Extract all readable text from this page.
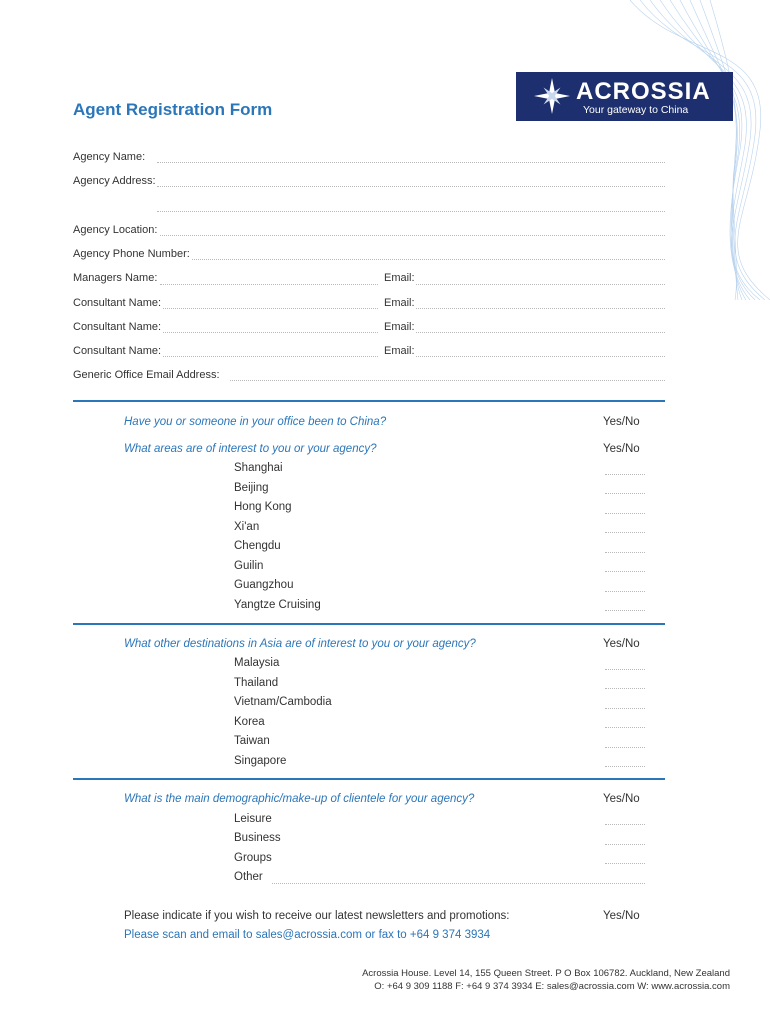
Agent Registration Form
ACROSSIA
Your gateway to China
Agency Name:
Agency Address:
Agency Location:
Agency Phone Number:
Managers Name:	Email:
Consultant Name:	Email:
Consultant Name:	Email:
Consultant Name:	Email:
Generic Office Email Address:
Have you or someone in your office been to China?	Yes/No
What areas are of interest to you or your agency?	Yes/No
Shanghai
Beijing
Hong Kong
Xi'an
Chengdu
Guilin
Guangzhou
Yangtze Cruising
What other destinations in Asia are of interest to you or your agency?	Yes/No
Malaysia
Thailand
Vietnam/Cambodia
Korea
Taiwan
Singapore
What is the main demographic/make-up of clientele for your agency?	Yes/No
Leisure
Business
Groups
Other
Please indicate if you wish to receive our latest newsletters and promotions:	Yes/No
Please scan and email to sales@acrossia.com or fax to +64 9 374 3934
Acrossia House. Level 14, 155 Queen Street. P O Box 106782. Auckland, New Zealand
O: +64 9 309 1188 F: +64 9 374 3934 E: sales@acrossia.com W: www.acrossia.com
